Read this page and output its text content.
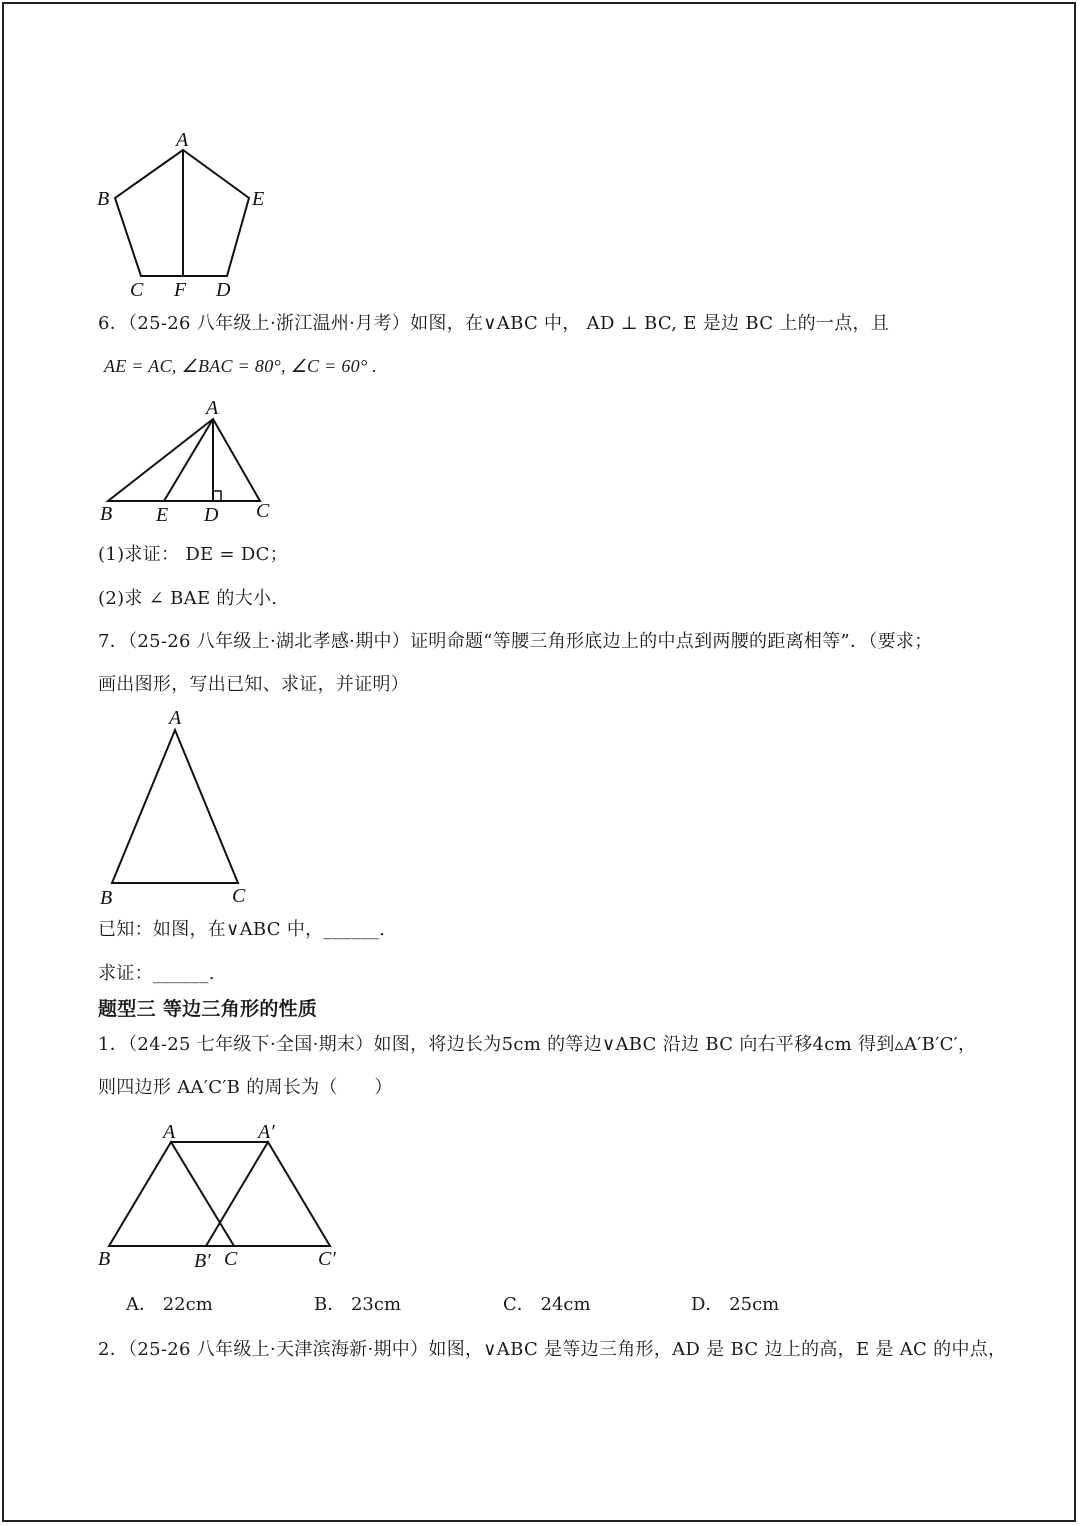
A
B	E
C F D
6．（25-26 八年级上·浙江温州·月考）如图，在∨ABC 中， AD ⊥ BC, E 是边 BC 上的一点，且
AE = AC, ∠BAC = 80°, ∠C = 60° .
A
B E D C
(1)求证： DE = DC；
(2)求 ∠ BAE 的大小.
7．（25-26 八年级上·湖北孝感·期中）证明命题“等腰三角形底边上的中点到两腰的距离相等”．（要求；
画出图形，写出已知、求证，并证明）
A
B	C
已知：如图，在∨ABC 中，______.
求证：______.
题型三 等边三角形的性质
1．（24-25 七年级下·全国·期末）如图，将边长为5cm 的等边∨ABC 沿边 BC 向右平移4cm 得到▵A′B′C′，
则四边形 AA′C′B 的周长为（　　）
A	A′
B	B′ C	C′
A． 22cm	B． 23cm	C． 24cm	D． 25cm
2．（25-26 八年级上·天津滨海新·期中）如图，∨ABC 是等边三角形，AD 是 BC 边上的高，E 是 AC 的中点，
